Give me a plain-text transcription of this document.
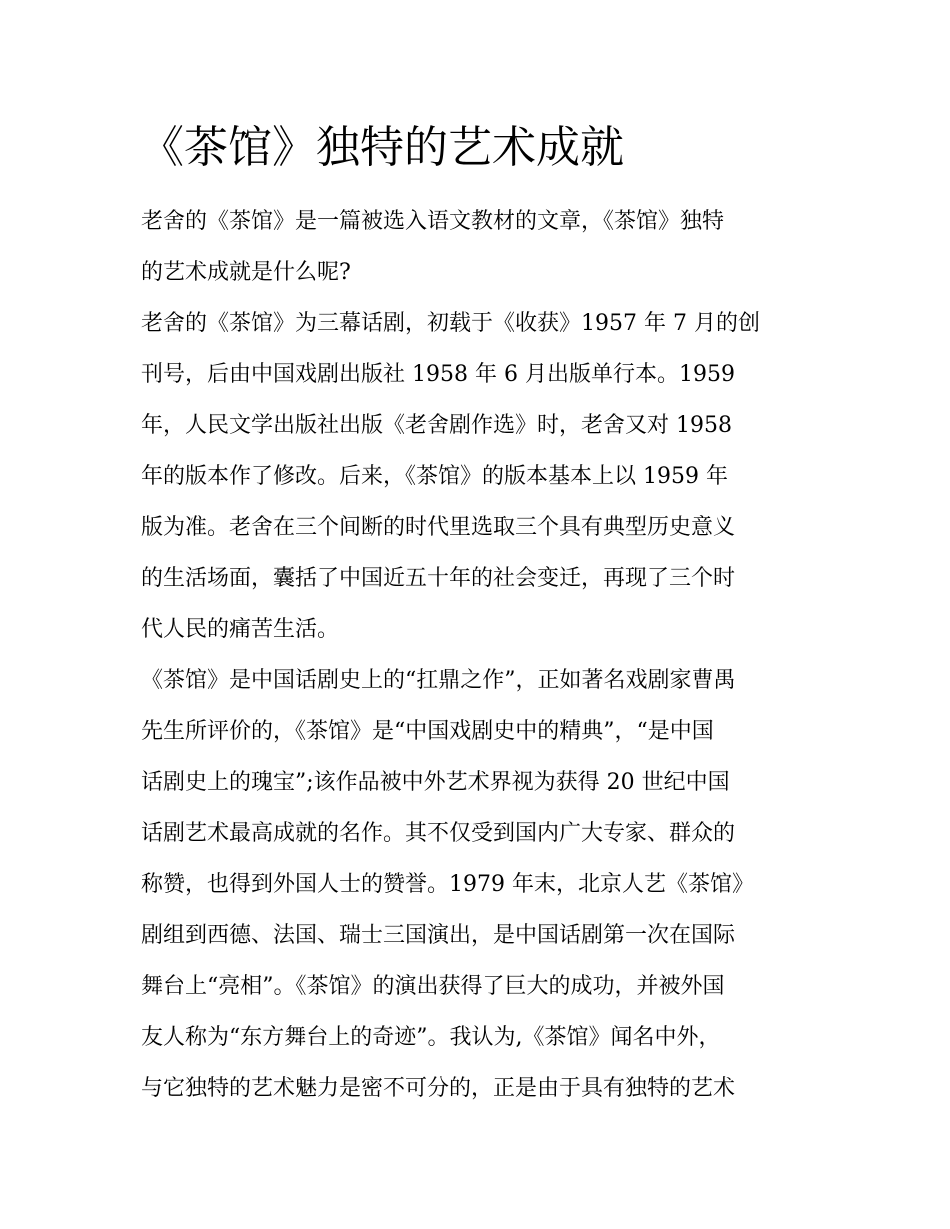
《茶馆》独特的艺术成就

老舍的《茶馆》是一篇被选入语文教材的文章，《茶馆》独特

的艺术成就是什么呢?

老舍的《茶馆》为三幕话剧，初载于《收获》1957 年 7 月的创

刊号，后由中国戏剧出版社 1958 年 6 月出版单行本。1959

年，人民文学出版社出版《老舍剧作选》时，老舍又对 1958

年的版本作了修改。后来，《茶馆》的版本基本上以 1959 年

版为准。老舍在三个间断的时代里选取三个具有典型历史意义

的生活场面，囊括了中国近五十年的社会变迁，再现了三个时

代人民的痛苦生活。

《茶馆》是中国话剧史上的“扛鼎之作”，正如著名戏剧家曹禺

先生所评价的，《茶馆》是“中国戏剧史中的精典”，“是中国

话剧史上的瑰宝”;该作品被中外艺术界视为获得 20 世纪中国

话剧艺术最高成就的名作。其不仅受到国内广大专家、群众的

称赞，也得到外国人士的赞誉。1979 年末，北京人艺《茶馆》

剧组到西德、法国、瑞士三国演出，是中国话剧第一次在国际

舞台上“亮相”。《茶馆》的演出获得了巨大的成功，并被外国

友人称为“东方舞台上的奇迹”。我认为,《茶馆》闻名中外，

与它独特的艺术魅力是密不可分的，正是由于具有独特的艺术
